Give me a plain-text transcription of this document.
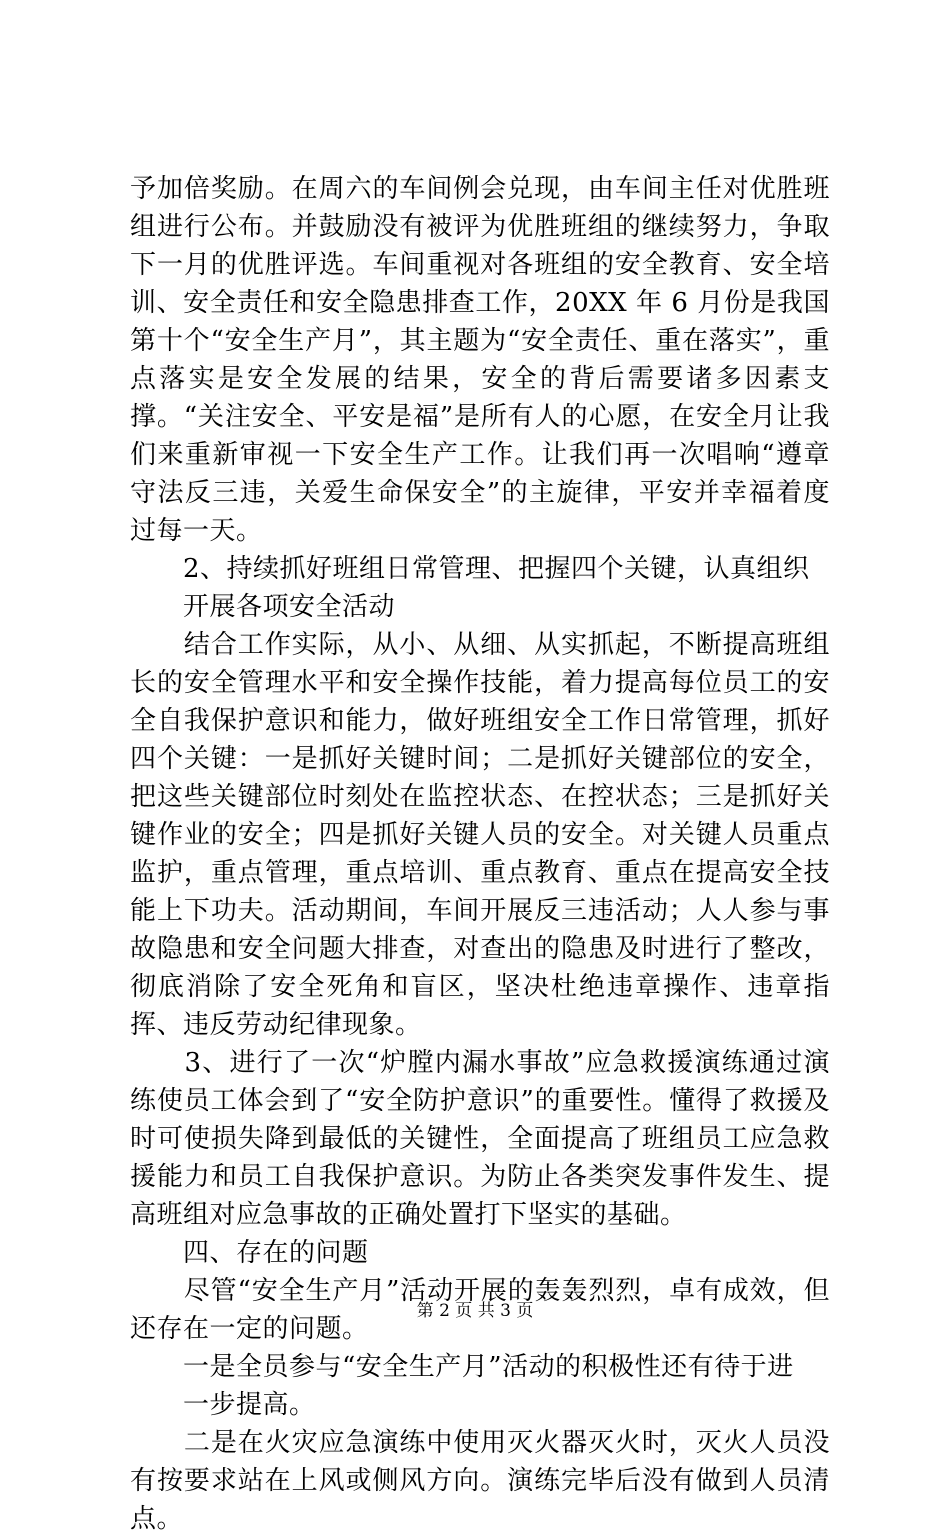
予加倍奖励。在周六的车间例会兑现，由车间主任对优胜班组进行公布。并鼓励没有被评为优胜班组的继续努力，争取下一月的优胜评选。车间重视对各班组的安全教育、安全培训、安全责任和安全隐患排查工作，20XX 年 6 月份是我国第十个“安全生产月”，其主题为“安全责任、重在落实”，重点落实是安全发展的结果，安全的背后需要诸多因素支撑。“关注安全、平安是福”是所有人的心愿，在安全月让我们来重新审视一下安全生产工作。让我们再一次唱响“遵章守法反三违，关爱生命保安全”的主旋律，平安并幸福着度过每一天。

　　2、持续抓好班组日常管理、把握四个关键，认真组织

　　开展各项安全活动

　　结合工作实际，从小、从细、从实抓起，不断提高班组长的安全管理水平和安全操作技能，着力提高每位员工的安全自我保护意识和能力，做好班组安全工作日常管理，抓好四个关键：一是抓好关键时间；二是抓好关键部位的安全，把这些关键部位时刻处在监控状态、在控状态；三是抓好关键作业的安全；四是抓好关键人员的安全。对关键人员重点监护，重点管理，重点培训、重点教育、重点在提高安全技能上下功夫。活动期间，车间开展反三违活动；人人参与事故隐患和安全问题大排查，对查出的隐患及时进行了整改，彻底消除了安全死角和盲区，坚决杜绝违章操作、违章指挥、违反劳动纪律现象。

　　3、进行了一次“炉膛内漏水事故”应急救援演练通过演练使员工体会到了“安全防护意识”的重要性。懂得了救援及时可使损失降到最低的关键性，全面提高了班组员工应急救援能力和员工自我保护意识。为防止各类突发事件发生、提高班组对应急事故的正确处置打下坚实的基础。

　　四、存在的问题

　　尽管“安全生产月”活动开展的轰轰烈烈，卓有成效，但还存在一定的问题。

　　一是全员参与“安全生产月”活动的积极性还有待于进

　　一步提高。

　　二是在火灾应急演练中使用灭火器灭火时，灭火人员没有按要求站在上风或侧风方向。演练完毕后没有做到人员清点。

第 2 页 共 3 页
